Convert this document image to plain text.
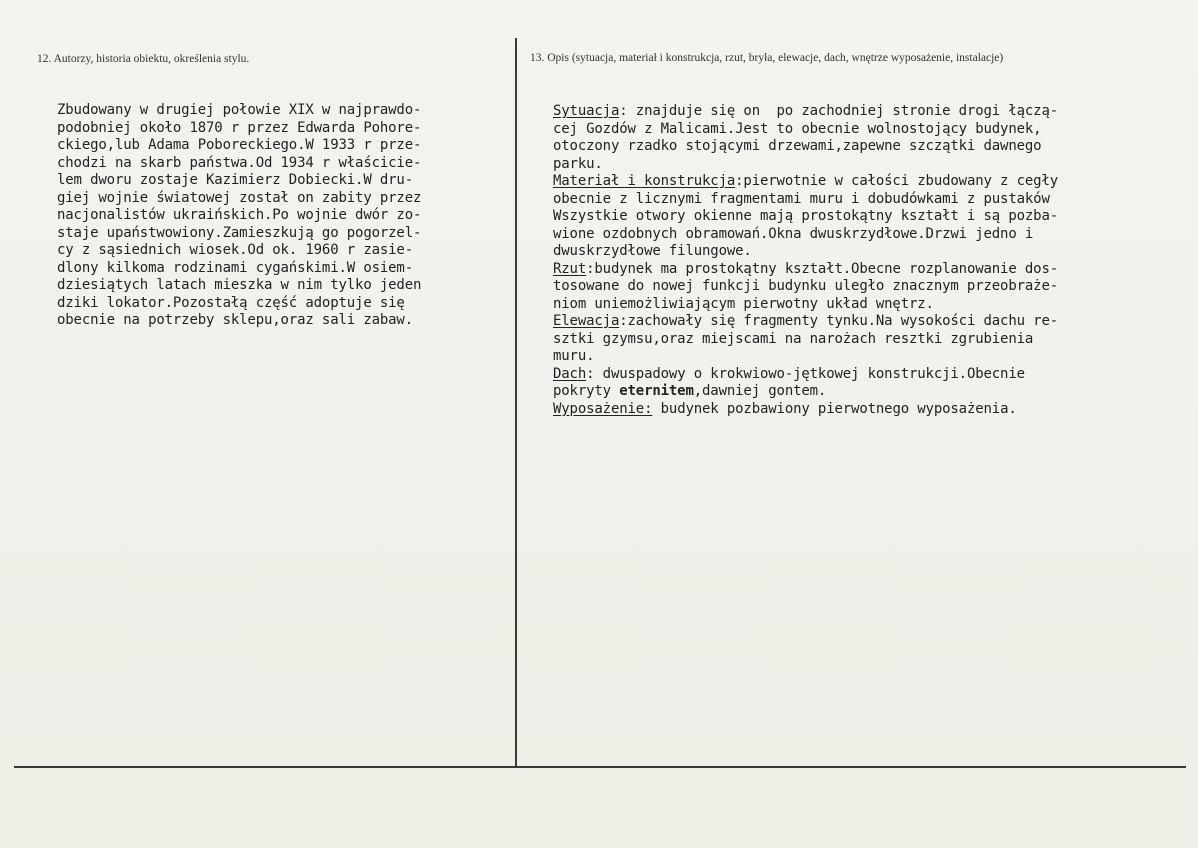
12. Autorzy, historia obiektu, określenia stylu.	13. Opis (sytuacja, materiał i konstrukcja, rzut, bryła, elewacje, dach, wnętrze wyposażenie, instalacje)
Zbudowany w drugiej połowie XIX w najprawdo-
podobniej około 1870 r przez Edwarda Pohore-
ckiego,lub Adama Poboreckiego.W 1933 r prze-
chodzi na skarb państwa.Od 1934 r właściciе-
lem dworu zostaje Kazimierz Dobiecki.W dru-
giej wojnie światowej został on zabity przez
nacjonalistów ukraińskich.Po wojnie dwór zo-
staje upaństwowiony.Zamieszkują go pogorzel-
cy z sąsiednich wiosek.Od ok. 1960 r zasie-
dlony kilkoma rodzinami cygańskimi.W osiem-
dziesiątych latach mieszka w nim tylko jeden
dziki lokator.Pozostałą część adoptuje się
obecnie na potrzeby sklepu,oraz sali zabaw.
Sytuacja: znajduje się on  po zachodniej stronie drogi łączą-
cej Gozdów z Malicami.Jest to obecnie wolnostojący budynek,
otoczony rzadko stojącymi drzewami,zapewne szczątki dawnego
parku.
Materiał i konstrukcja:pierwotnie w całości zbudowany z cegły
obecnie z licznymi fragmentami muru i dobudówkami z pustaków
Wszystkie otwory okienne mają prostokątny kształt i są pozba-
wione ozdobnych obramowań.Okna dwuskrzydłowe.Drzwi jedno i
dwuskrzydłowe filungowe.
Rzut:budynek ma prostokątny kształt.Obecne rozplanowanie dos-
tosowane do nowej funkcji budynku uległo znacznym przeobraże-
niom uniemożliwiającym pierwotny układ wnętrz.
Elewacja:zachowały się fragmenty tynku.Na wysokości dachu re-
sztki gzymsu,oraz miejscami na narożach resztki zgrubienia
muru.
Dach: dwuspadowy o krokwiowo-jętkowej konstrukcji.Obecnie
pokryty eternitem,dawniej gontem.
Wyposażenie: budynek pozbawiony pierwotnego wyposażenia.
